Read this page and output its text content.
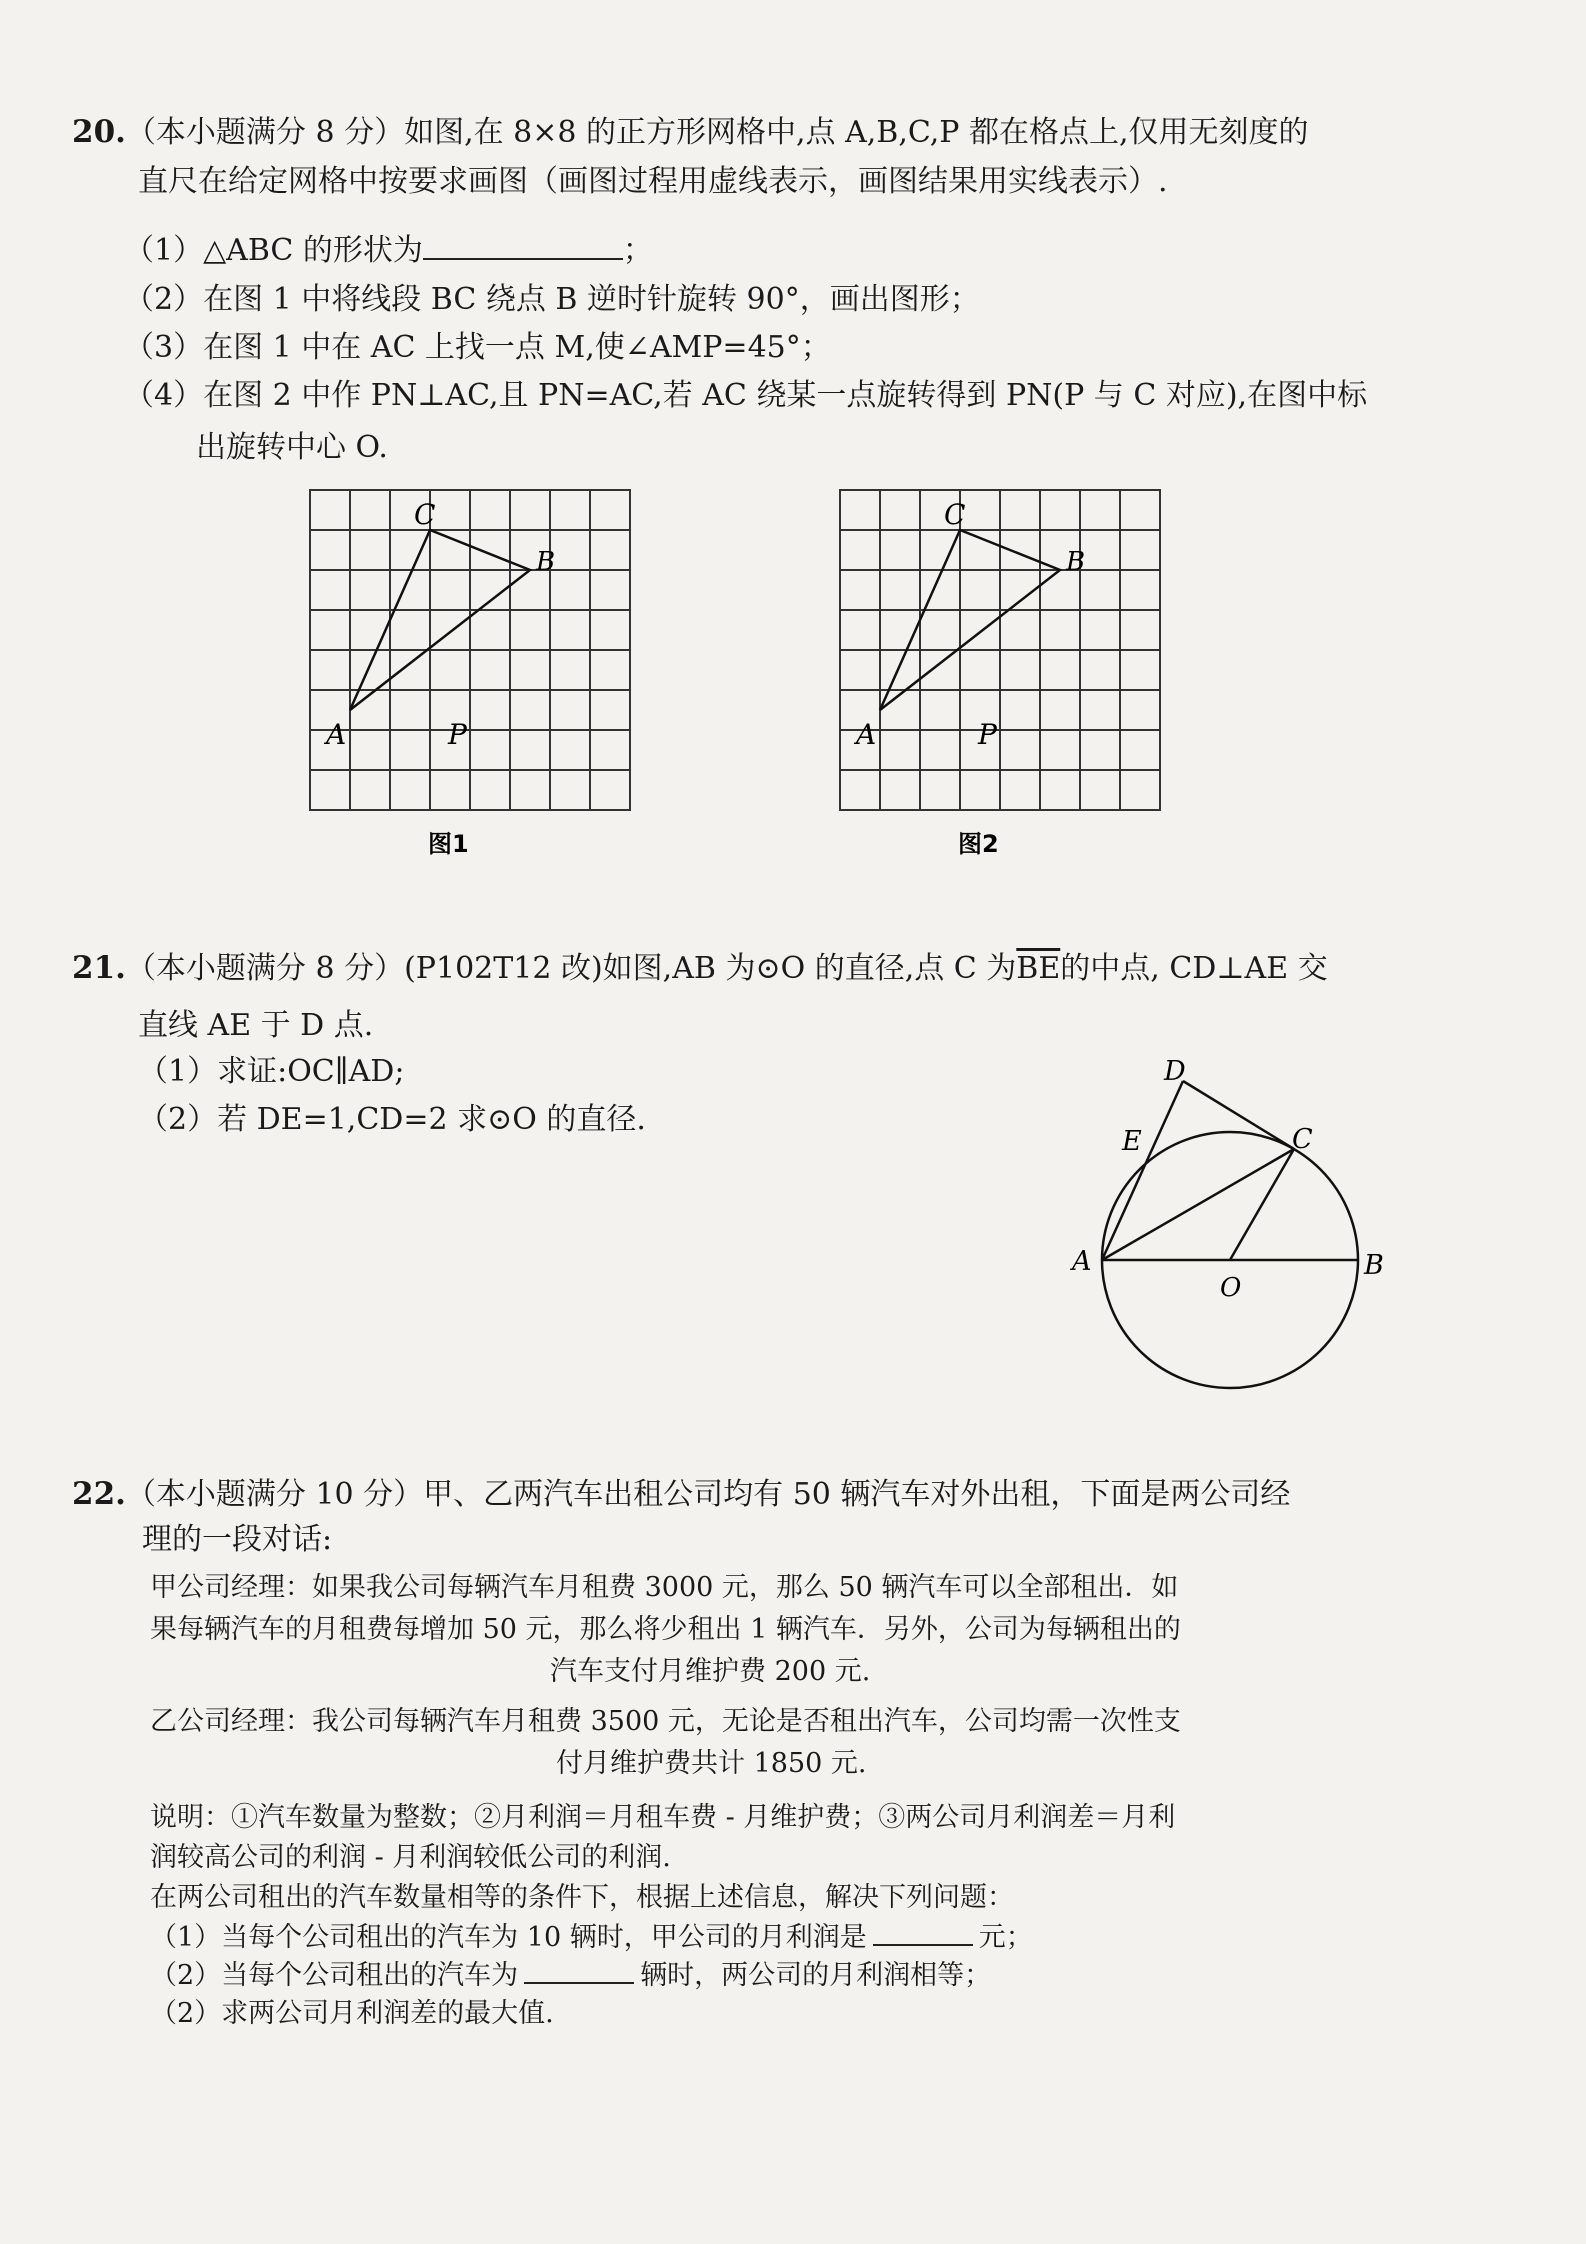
20.（本小题满分 8 分）如图,在 8×8 的正方形网格中,点 A,B,C,P 都在格点上,仅用无刻度的
直尺在给定网格中按要求画图（画图过程用虚线表示，画图结果用实线表示）.
（1）△ABC 的形状为	；
（2）在图 1 中将线段 BC 绕点 B 逆时针旋转 90°，画出图形；
（3）在图 1 中在 AC 上找一点 M,使∠AMP=45°；
（4）在图 2 中作 PN⊥AC,且 PN=AC,若 AC 绕某一点旋转得到 PN(P 与 C 对应),在图中标
出旋转中心 O.
C
B
A	P
图1
C
B
A	P
图2
21.（本小题满分 8 分）(P102T12 改)如图,AB 为⊙O 的直径,点 C 为$\overline{BE}$的中点, CD⊥AE 交
直线 AE 于 D 点.
（1）求证:OC∥AD;
（2）若 DE=1,CD=2 求⊙O 的直径.
A	B
C
D
E
O
22.（本小题满分 10 分）甲、乙两汽车出租公司均有 50 辆汽车对外出租，下面是两公司经
理的一段对话:
甲公司经理：如果我公司每辆汽车月租费 3000 元，那么 50 辆汽车可以全部租出．如
果每辆汽车的月租费每增加 50 元，那么将少租出 1 辆汽车．另外，公司为每辆租出的
汽车支付月维护费 200 元.
乙公司经理：我公司每辆汽车月租费 3500 元，无论是否租出汽车，公司均需一次性支
付月维护费共计 1850 元.
说明：①汽车数量为整数；②月利润＝月租车费 - 月维护费；③两公司月利润差＝月利
润较高公司的利润 - 月利润较低公司的利润.
在两公司租出的汽车数量相等的条件下，根据上述信息，解决下列问题：
（1）当每个公司租出的汽车为 10 辆时，甲公司的月利润是	元；
（2）当每个公司租出的汽车为	辆时，两公司的月利润相等；
（2）求两公司月利润差的最大值.
